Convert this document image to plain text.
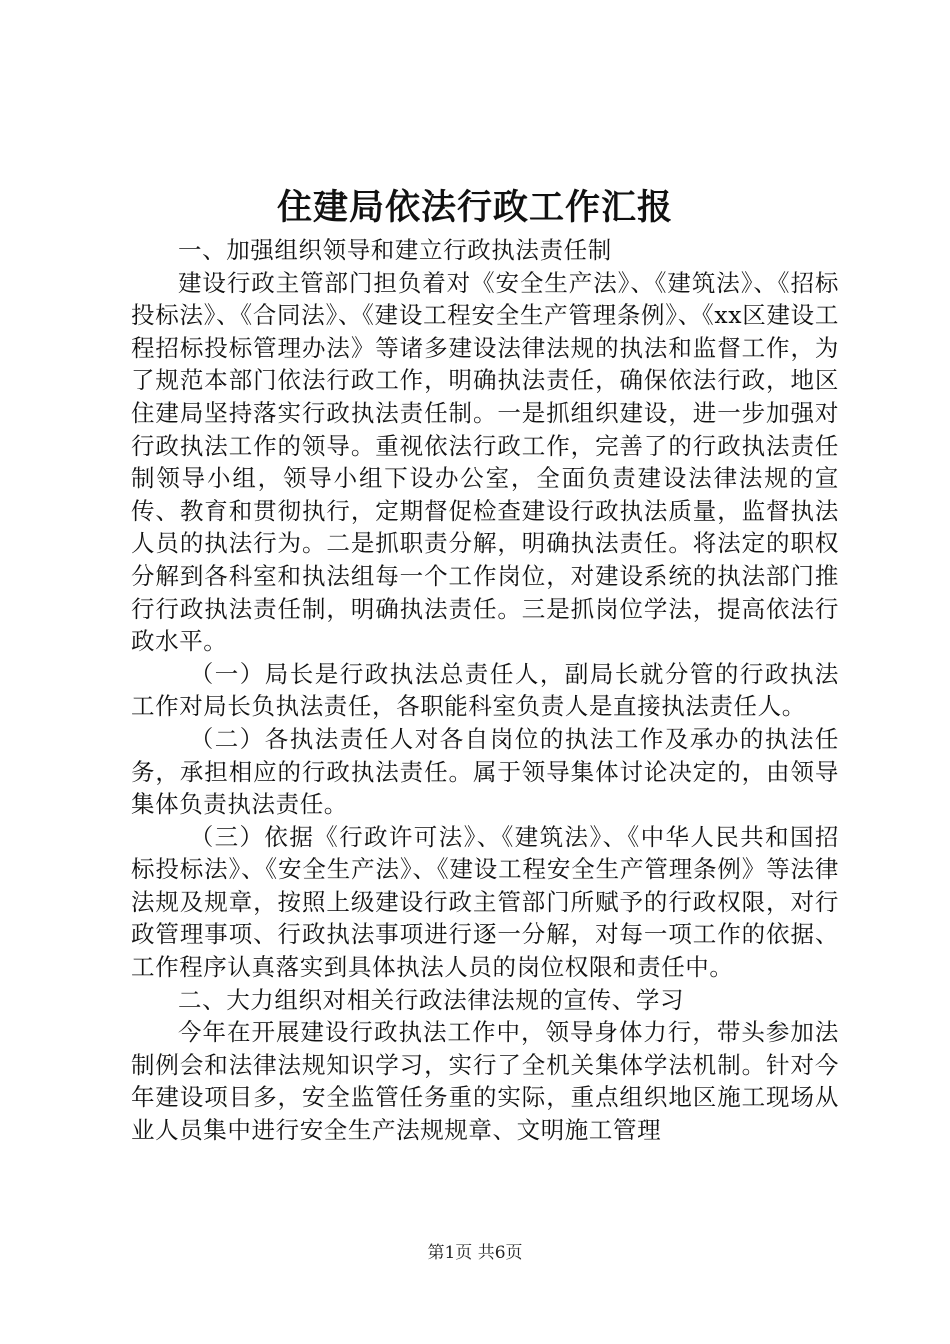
住建局依法行政工作汇报

一、加强组织领导和建立行政执法责任制

建设行政主管部门担负着对《安全生产法》、《建筑法》、《招标投标法》、《合同法》、《建设工程安全生产管理条例》、《xx区建设工程招标投标管理办法》等诸多建设法律法规的执法和监督工作，为了规范本部门依法行政工作，明确执法责任，确保依法行政，地区住建局坚持落实行政执法责任制。一是抓组织建设，进一步加强对行政执法工作的领导。重视依法行政工作，完善了的行政执法责任制领导小组，领导小组下设办公室，全面负责建设法律法规的宣传、教育和贯彻执行，定期督促检查建设行政执法质量，监督执法人员的执法行为。二是抓职责分解，明确执法责任。将法定的职权分解到各科室和执法组每一个工作岗位，对建设系统的执法部门推行行政执法责任制，明确执法责任。三是抓岗位学法，提高依法行政水平。

（一）局长是行政执法总责任人，副局长就分管的行政执法工作对局长负执法责任，各职能科室负责人是直接执法责任人。

（二）各执法责任人对各自岗位的执法工作及承办的执法任务，承担相应的行政执法责任。属于领导集体讨论决定的，由领导集体负责执法责任。

（三）依据《行政许可法》、《建筑法》、《中华人民共和国招标投标法》、《安全生产法》、《建设工程安全生产管理条例》等法律法规及规章，按照上级建设行政主管部门所赋予的行政权限，对行政管理事项、行政执法事项进行逐一分解，对每一项工作的依据、工作程序认真落实到具体执法人员的岗位权限和责任中。

二、大力组织对相关行政法律法规的宣传、学习

今年在开展建设行政执法工作中，领导身体力行，带头参加法制例会和法律法规知识学习，实行了全机关集体学法机制。针对今年建设项目多，安全监管任务重的实际，重点组织地区施工现场从业人员集中进行安全生产法规规章、文明施工管理

第1页 共6页
